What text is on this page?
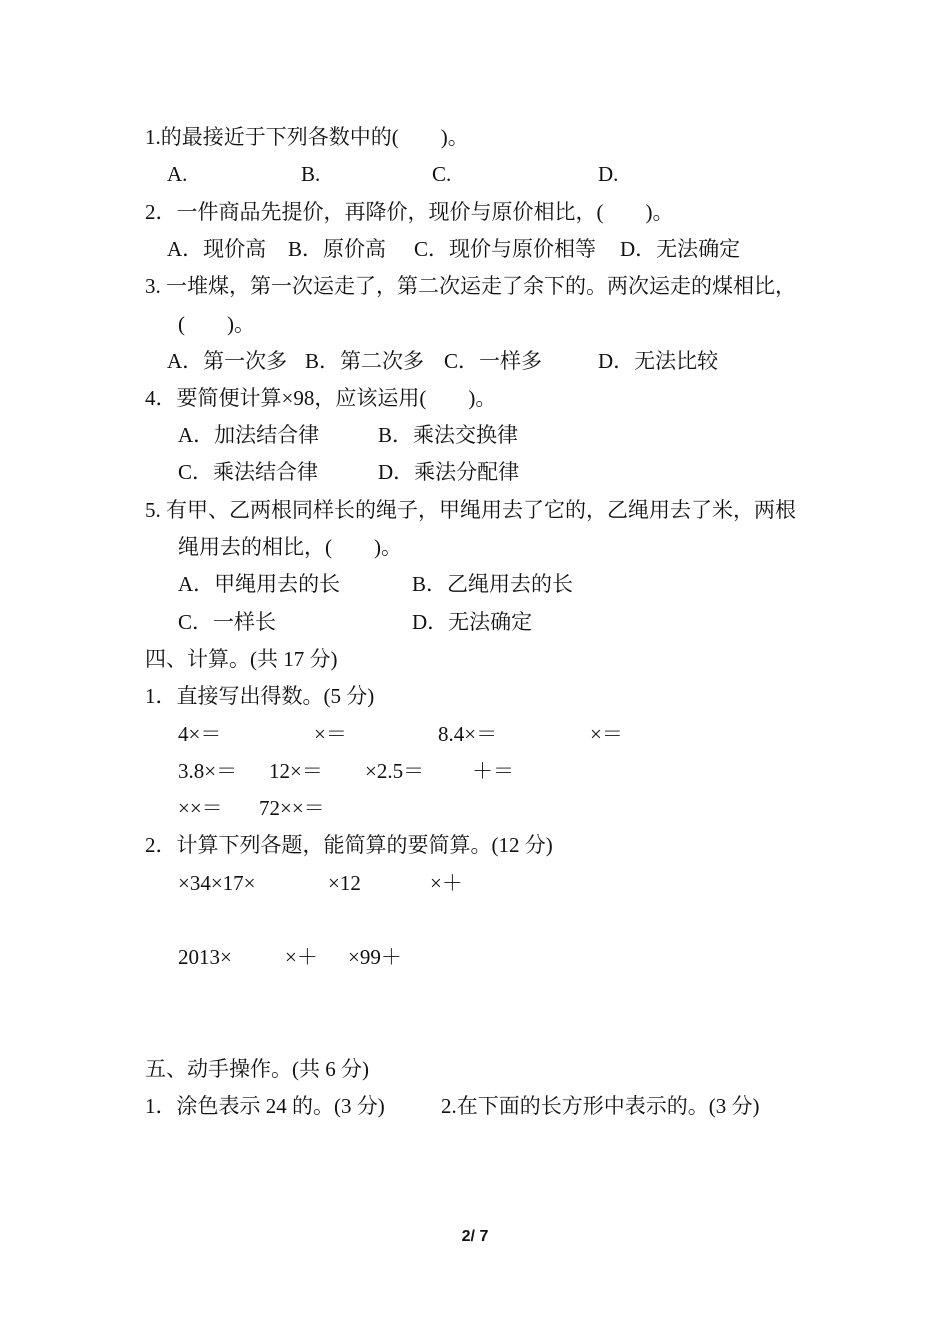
1.的最接近于下列各数中的(　　)。
A.	B.	C.	D.
2．一件商品先提价，再降价，现价与原价相比，(　　)。
A．现价高 B．原价高 C．现价与原价相等 D．无法确定
3. 一堆煤，第一次运走了，第二次运走了余下的。两次运走的煤相比，
(　　)。
A．第一次多 B．第二次多 C．一样多	D．无法比较
4．要简便计算×98，应该运用(　　)。
A．加法结合律	B．乘法交换律
C．乘法结合律	D．乘法分配律
5. 有甲、乙两根同样长的绳子，甲绳用去了它的，乙绳用去了米，两根
绳用去的相比，(　　)。
A．甲绳用去的长	B．乙绳用去的长
C．一样长	D．无法确定
四、计算。(共 17 分)
1．直接写出得数。(5 分)
4×＝	×＝	8.4×＝	×＝
3.8×＝ 12×＝ ×2.5＝ ＋＝
××＝ 72××＝
2．计算下列各题，能简算的要简算。(12 分)
×34×17×	×12	×＋
2013×	×＋ ×99＋
五、动手操作。(共 6 分)
1．涂色表示 24 的。(3 分)	2.在下面的长方形中表示的。(3 分)
2/ 7
